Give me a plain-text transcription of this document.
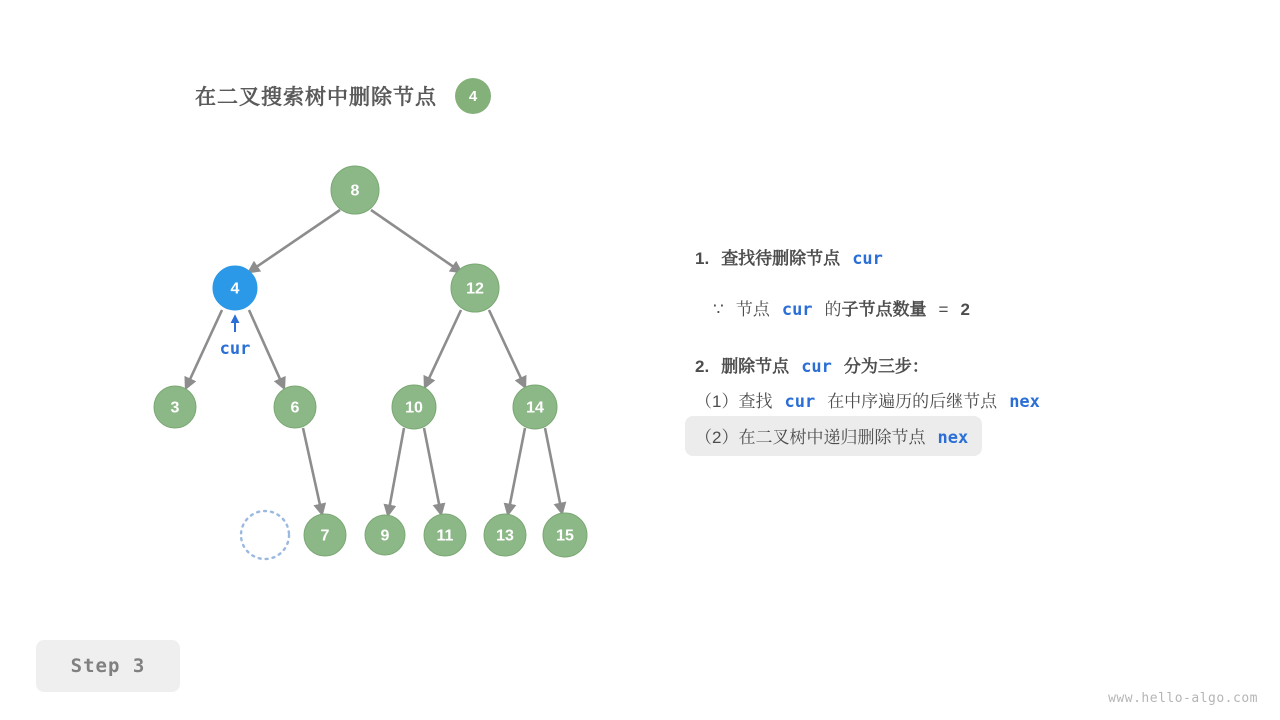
在二叉搜索树中删除节点	4
cur
8
4	12
3	6	10	14
7	9	11	13	15
1. 查找待删除节点 cur
∵ 节点 cur 的 子节点数量 = 2
2. 删除节点 cur 分为三步：
（1） 查找 cur 在中序遍历的后继节点 nex
（2） 在二叉树中递归删除节点 nex
Step 3
www.hello-algo.com
